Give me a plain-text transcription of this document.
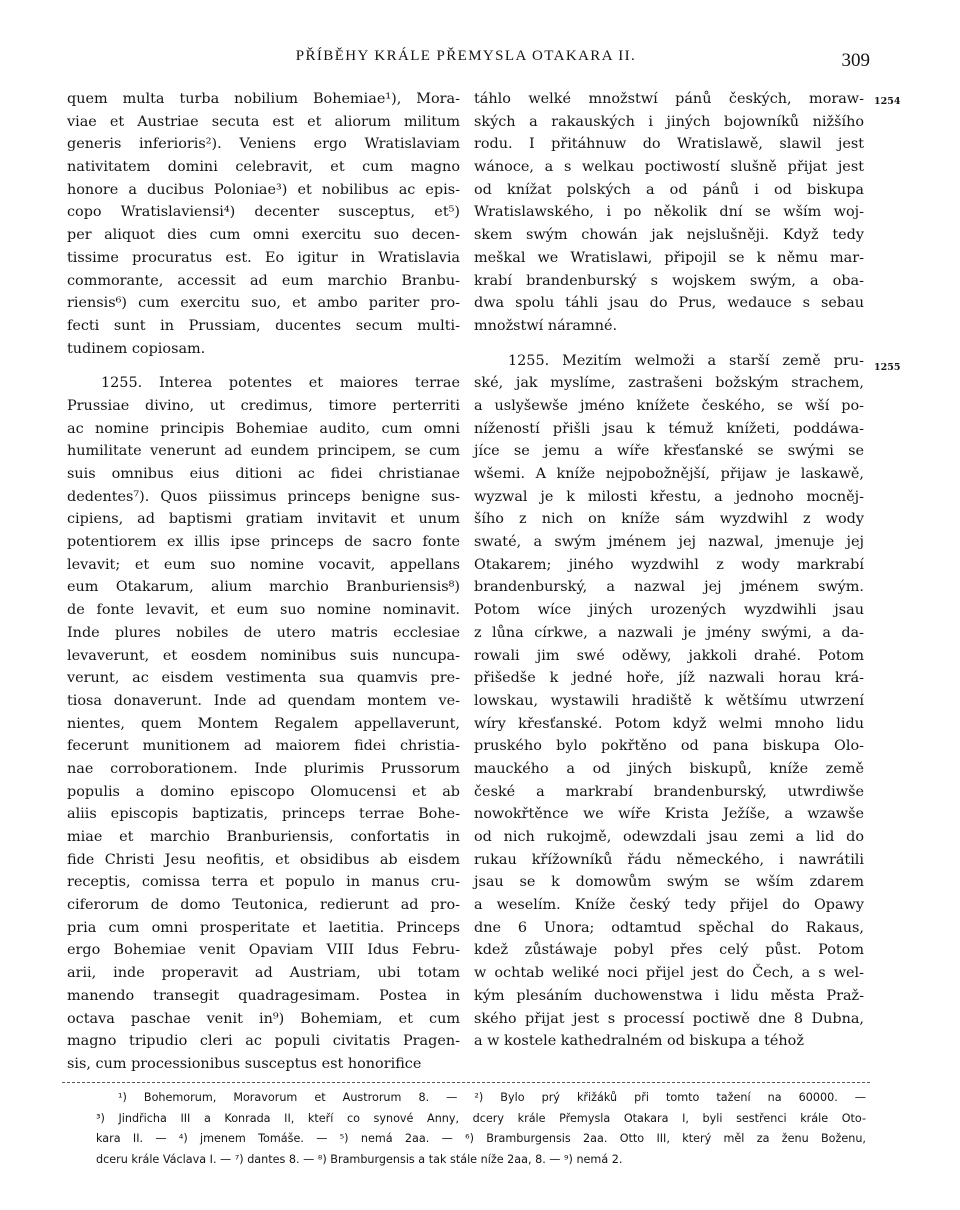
PŘÍBĚHY KRÁLE PŘEMYSLA OTAKARA II.	309
quem multa turba nobilium Bohemiae¹), Mora-
viae et Austriae secuta est et aliorum militum
generis inferioris²). Veniens ergo Wratislaviam
nativitatem domini celebravit, et cum magno
honore a ducibus Poloniae³) et nobilibus ac epis-
copo Wratislaviensi⁴) decenter susceptus, et⁵)
per aliquot dies cum omni exercitu suo decen-
tissime procuratus est. Eo igitur in Wratislavia
commorante, accessit ad eum marchio Branbu-
riensis⁶) cum exercitu suo, et ambo pariter pro-
fecti sunt in Prussiam, ducentes secum multi-
tudinem copiosam.
1255. Interea potentes et maiores terrae
Prussiae divino, ut credimus, timore perterriti
ac nomine principis Bohemiae audito, cum omni
humilitate venerunt ad eundem principem, se cum
suis omnibus eius ditioni ac fidei christianae
dedentes⁷). Quos piissimus princeps benigne sus-
cipiens, ad baptismi gratiam invitavit et unum
potentiorem ex illis ipse princeps de sacro fonte
levavit; et eum suo nomine vocavit, appellans
eum Otakarum, alium marchio Branburiensis⁸)
de fonte levavit, et eum suo nomine nominavit.
Inde plures nobiles de utero matris ecclesiae
levaverunt, et eosdem nominibus suis nuncupa-
verunt, ac eisdem vestimenta sua quamvis pre-
tiosa donaverunt. Inde ad quendam montem ve-
nientes, quem Montem Regalem appellaverunt,
fecerunt munitionem ad maiorem fidei christia-
nae corroborationem. Inde plurimis Prussorum
populis a domino episcopo Olomucensi et ab
aliis episcopis baptizatis, princeps terrae Bohe-
miae et marchio Branburiensis, confortatis in
fide Christi Jesu neofitis, et obsidibus ab eisdem
receptis, comissa terra et populo in manus cru-
ciferorum de domo Teutonica, redierunt ad pro-
pria cum omni prosperitate et laetitia. Princeps
ergo Bohemiae venit Opaviam VIII Idus Febru-
arii, inde properavit ad Austriam, ubi totam
manendo transegit quadragesimam. Postea in
octava paschae venit in⁹) Bohemiam, et cum
magno tripudio cleri ac populi civitatis Pragen-
sis, cum processionibus susceptus est honorifice
táhlo welké množstwí pánů českých, moraw-
ských a rakauských i jiných bojowníků nižšího
rodu. I přitáhnuw do Wratislawě, slawil jest
wánoce, a s welkau poctiwostí slušně přijat jest
od knížat polských a od pánů i od biskupa
Wratislawského, i po několik dní se wším woj-
skem swým chowán jak nejslušněji. Když tedy
meškal we Wratislawi, připojil se k němu mar-
krabí brandenburský s wojskem swým, a oba-
dwa spolu táhli jsau do Prus, wedauce s sebau
množstwí náramné.
1255. Mezitím welmoži a starší země pru-
ské, jak myslíme, zastrašeni božským strachem,
a uslyšewše jméno knížete českého, se wší po-
nížeností přišli jsau k témuž knížeti, poddáwa-
jíce se jemu a wíře křesťanské se swými se
wšemi. A kníže nejpobožnější, přijaw je laskawě,
wyzwal je k milosti křestu, a jednoho mocněj-
šího z nich on kníže sám wyzdwihl z wody
swaté, a swým jménem jej nazwal, jmenuje jej
Otakarem; jiného wyzdwihl z wody markrabí
brandenburský, a nazwal jej jménem swým.
Potom wíce jiných urozených wyzdwihli jsau
z lůna církwe, a nazwali je jmény swými, a da-
rowali jim swé oděwy, jakkoli drahé. Potom
přišedše k jedné hoře, jíž nazwali horau krá-
lowskau, wystawili hradiště k wětšímu utwrzení
wíry křesťanské. Potom když welmi mnoho lidu
pruského bylo pokřtěno od pana biskupa Olo-
mauckého a od jiných biskupů, kníže země
české a markrabí brandenburský, utwrdiwše
nowokřtěnce we wíře Krista Ježíše, a wzawše
od nich rukojmě, odewzdali jsau zemi a lid do
rukau křížowníků řádu německého, i nawrátili
jsau se k domowům swým se wším zdarem
a weselím. Kníže český tedy přijel do Opawy
dne 6 Unora; odtamtud spěchal do Rakaus,
kdež zůstáwaje pobyl přes celý půst. Potom
w ochtab weliké noci přijel jest do Čech, a s wel-
kým plesáním duchowenstwa i lidu města Praž-
ského přijat jest s processí poctiwě dne 8 Dubna,
a w kostele kathedralném od biskupa a téhož
1254
1255
¹) Bohemorum, Moravorum et Austrorum 8. — ²) Bylo prý křižáků při tomto tažení na 60000. —
³) Jindřicha III a Konrada II, kteří co synové Anny, dcery krále Přemysla Otakara I, byli sestřenci krále Oto-
kara II. — ⁴) jmenem Tomáše. — ⁵) nemá 2aa. — ⁶) Bramburgensis 2aa. Otto III, který měl za ženu Boženu,
dceru krále Václava I. — ⁷) dantes 8. — ⁸) Bramburgensis a tak stále níže 2aa, 8. — ⁹) nemá 2.
